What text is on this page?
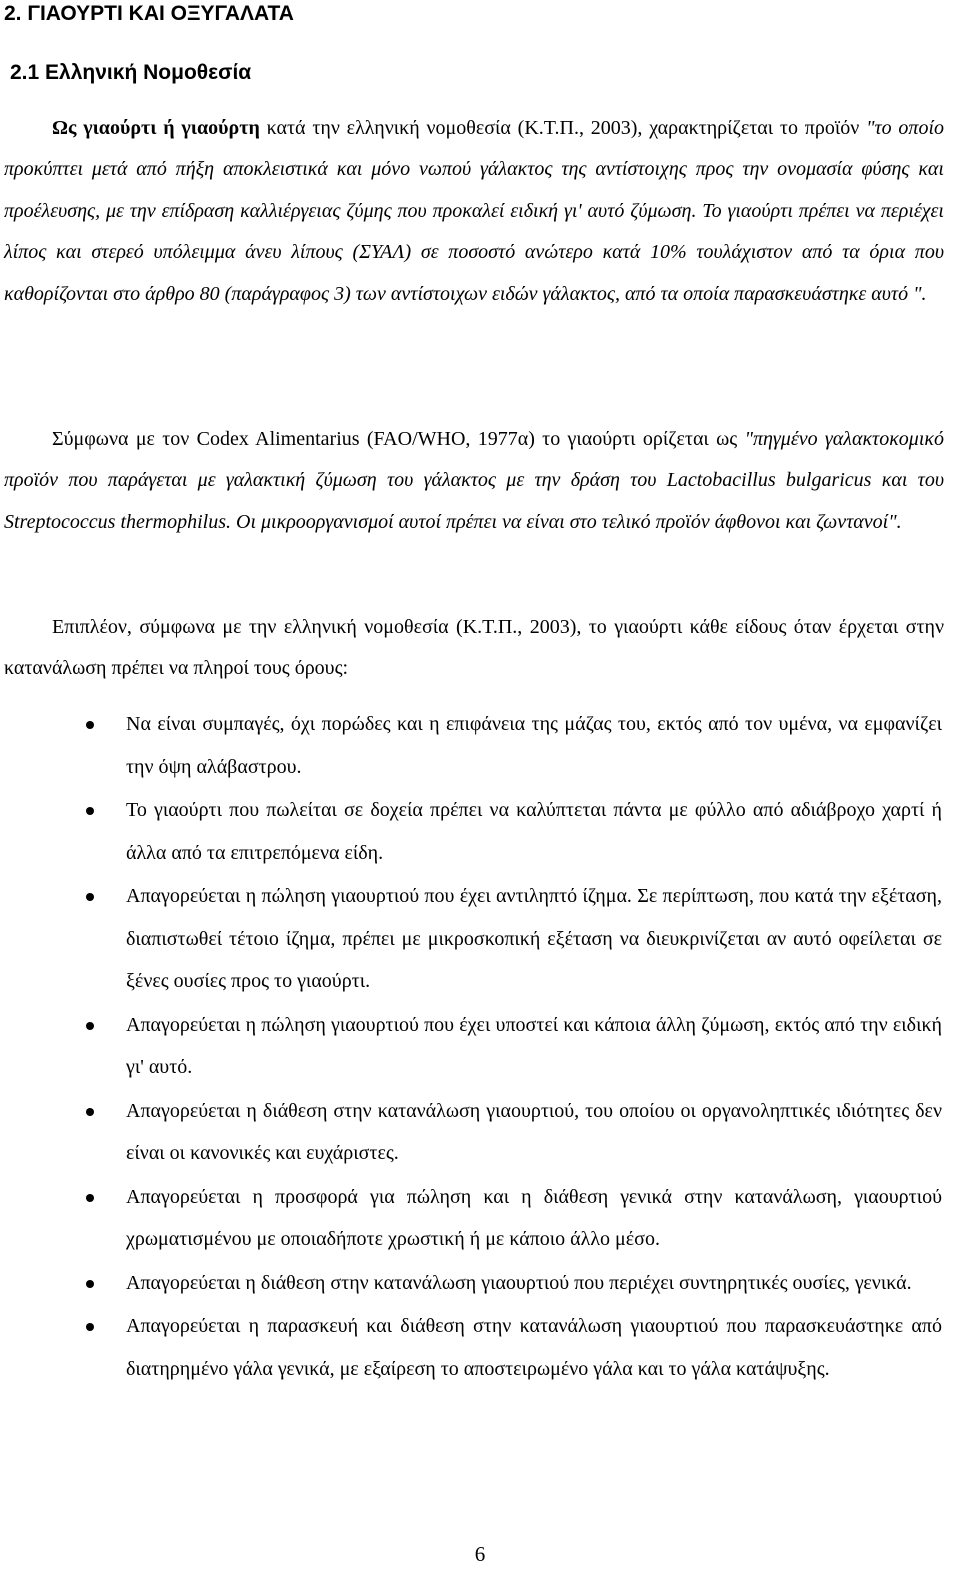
2. ΓΙΑΟΥΡΤΙ ΚΑΙ ΟΞΥΓΑΛΑΤΑ
2.1 Ελληνική Νομοθεσία

Ως γιαούρτι ή γιαούρτη κατά την ελληνική νομοθεσία (Κ.Τ.Π., 2003), χαρακτηρίζεται το προϊόν "το οποίο προκύπτει μετά από πήξη αποκλειστικά και μόνο νωπού γάλακτος της αντίστοιχης προς την ονομασία φύσης και προέλευσης, με την επίδραση καλλιέργειας ζύμης που προκαλεί ειδική γι' αυτό ζύμωση. Το γιαούρτι πρέπει να περιέχει λίπος και στερεό υπόλειμμα άνευ λίπους (ΣΥΑΛ) σε ποσοστό ανώτερο κατά 10% τουλάχιστον από τα όρια που καθορίζονται στο άρθρο 80 (παράγραφος 3) των αντίστοιχων ειδών γάλακτος, από τα οποία παρασκευάστηκε αυτό ".

Σύμφωνα με τον Codex Alimentarius (FAO/WHO, 1977α) το γιαούρτι ορίζεται ως "πηγμένο γαλακτοκομικό προϊόν που παράγεται με γαλακτική ζύμωση του γάλακτος με την δράση του Lactobacillus bulgaricus και του Streptococcus thermophilus. Οι μικροοργανισμοί αυτοί πρέπει να είναι στο τελικό προϊόν άφθονοι και ζωντανοί".

Επιπλέον, σύμφωνα με την ελληνική νομοθεσία (Κ.Τ.Π., 2003), το γιαούρτι κάθε είδους όταν έρχεται στην κατανάλωση πρέπει να πληροί τους όρους:

Να είναι συμπαγές, όχι πορώδες και η επιφάνεια της μάζας του, εκτός από τον υμένα, να εμφανίζει την όψη αλάβαστρου.
Το γιαούρτι που πωλείται σε δοχεία πρέπει να καλύπτεται πάντα με φύλλο από αδιάβροχο χαρτί ή άλλα από τα επιτρεπόμενα είδη.
Απαγορεύεται η πώληση γιαουρτιού που έχει αντιληπτό ίζημα. Σε περίπτωση, που κατά την εξέταση, διαπιστωθεί τέτοιο ίζημα, πρέπει με μικροσκοπική εξέταση να διευκρινίζεται αν αυτό οφείλεται σε ξένες ουσίες προς το γιαούρτι.
Απαγορεύεται η πώληση γιαουρτιού που έχει υποστεί και κάποια άλλη ζύμωση, εκτός από την ειδική γι' αυτό.
Απαγορεύεται η διάθεση στην κατανάλωση γιαουρτιού, του οποίου οι οργανοληπτικές ιδιότητες δεν είναι οι κανονικές και ευχάριστες.
Απαγορεύεται η προσφορά για πώληση και η διάθεση γενικά στην κατανάλωση, γιαουρτιού χρωματισμένου με οποιαδήποτε χρωστική ή με κάποιο άλλο μέσο.
Απαγορεύεται η διάθεση στην κατανάλωση γιαουρτιού που περιέχει συντηρητικές ουσίες, γενικά.
Απαγορεύεται η παρασκευή και διάθεση στην κατανάλωση γιαουρτιού που παρασκευάστηκε από διατηρημένο γάλα γενικά, με εξαίρεση το αποστειρωμένο γάλα και το γάλα κατάψυξης.
6
